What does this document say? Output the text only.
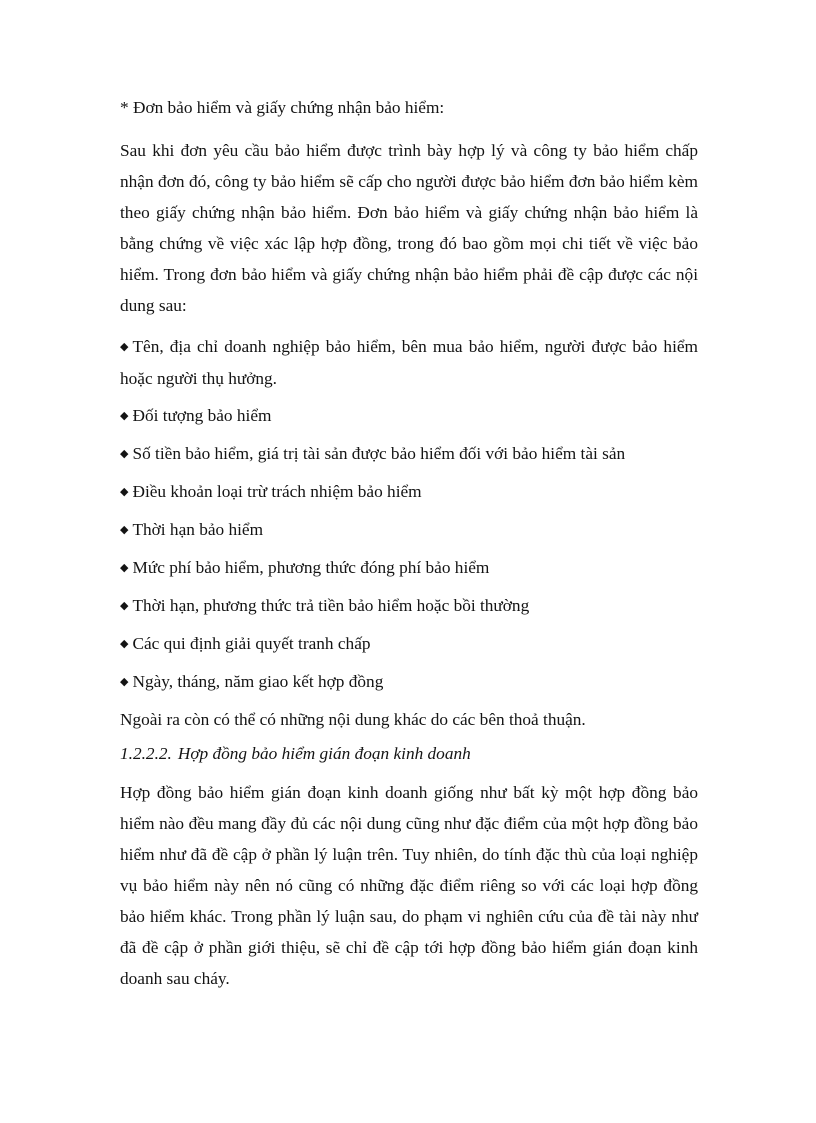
* Đơn bảo hiểm và giấy chứng nhận bảo hiểm:

Sau khi đơn yêu cầu bảo hiểm được trình bày hợp lý và công ty bảo hiểm chấp nhận đơn đó, công ty bảo hiểm sẽ cấp cho người được bảo hiểm đơn bảo hiểm kèm theo giấy chứng nhận bảo hiểm. Đơn bảo hiểm và giấy chứng nhận bảo hiểm là bằng chứng về việc xác lập hợp đồng, trong đó bao gồm mọi chi tiết về việc bảo hiểm. Trong đơn bảo hiểm và giấy chứng nhận bảo hiểm phải đề cập được các nội dung sau:

◆ Tên, địa chỉ doanh nghiệp bảo hiểm, bên mua bảo hiểm, người được bảo hiểm hoặc người thụ hưởng.
◆ Đối tượng bảo hiểm
◆ Số tiền bảo hiểm, giá trị tài sản được bảo hiểm đối với bảo hiểm tài sản
◆ Điều khoản loại trừ trách nhiệm bảo hiểm
◆ Thời hạn bảo hiểm
◆ Mức phí bảo hiểm, phương thức đóng phí bảo hiểm
◆ Thời hạn, phương thức trả tiền bảo hiểm hoặc bồi thường
◆ Các qui định giải quyết tranh chấp
◆ Ngày, tháng, năm giao kết hợp đồng

Ngoài ra còn có thể có những nội dung khác do các bên thoả thuận.

1.2.2.2. Hợp đồng bảo hiểm gián đoạn kinh doanh

Hợp đồng bảo hiểm gián đoạn kinh doanh giống như bất kỳ một hợp đồng bảo hiểm nào đều mang đầy đủ các nội dung cũng như đặc điểm của một hợp đồng bảo hiểm như đã đề cập ở phần lý luận trên. Tuy nhiên, do tính đặc thù của loại nghiệp vụ bảo hiểm này nên nó cũng có những đặc điểm riêng so với các loại hợp đồng bảo hiểm khác. Trong phần lý luận sau, do phạm vi nghiên cứu của đề tài này như đã đề cập ở phần giới thiệu, sẽ chỉ đề cập tới hợp đồng bảo hiểm gián đoạn kinh doanh sau cháy.
